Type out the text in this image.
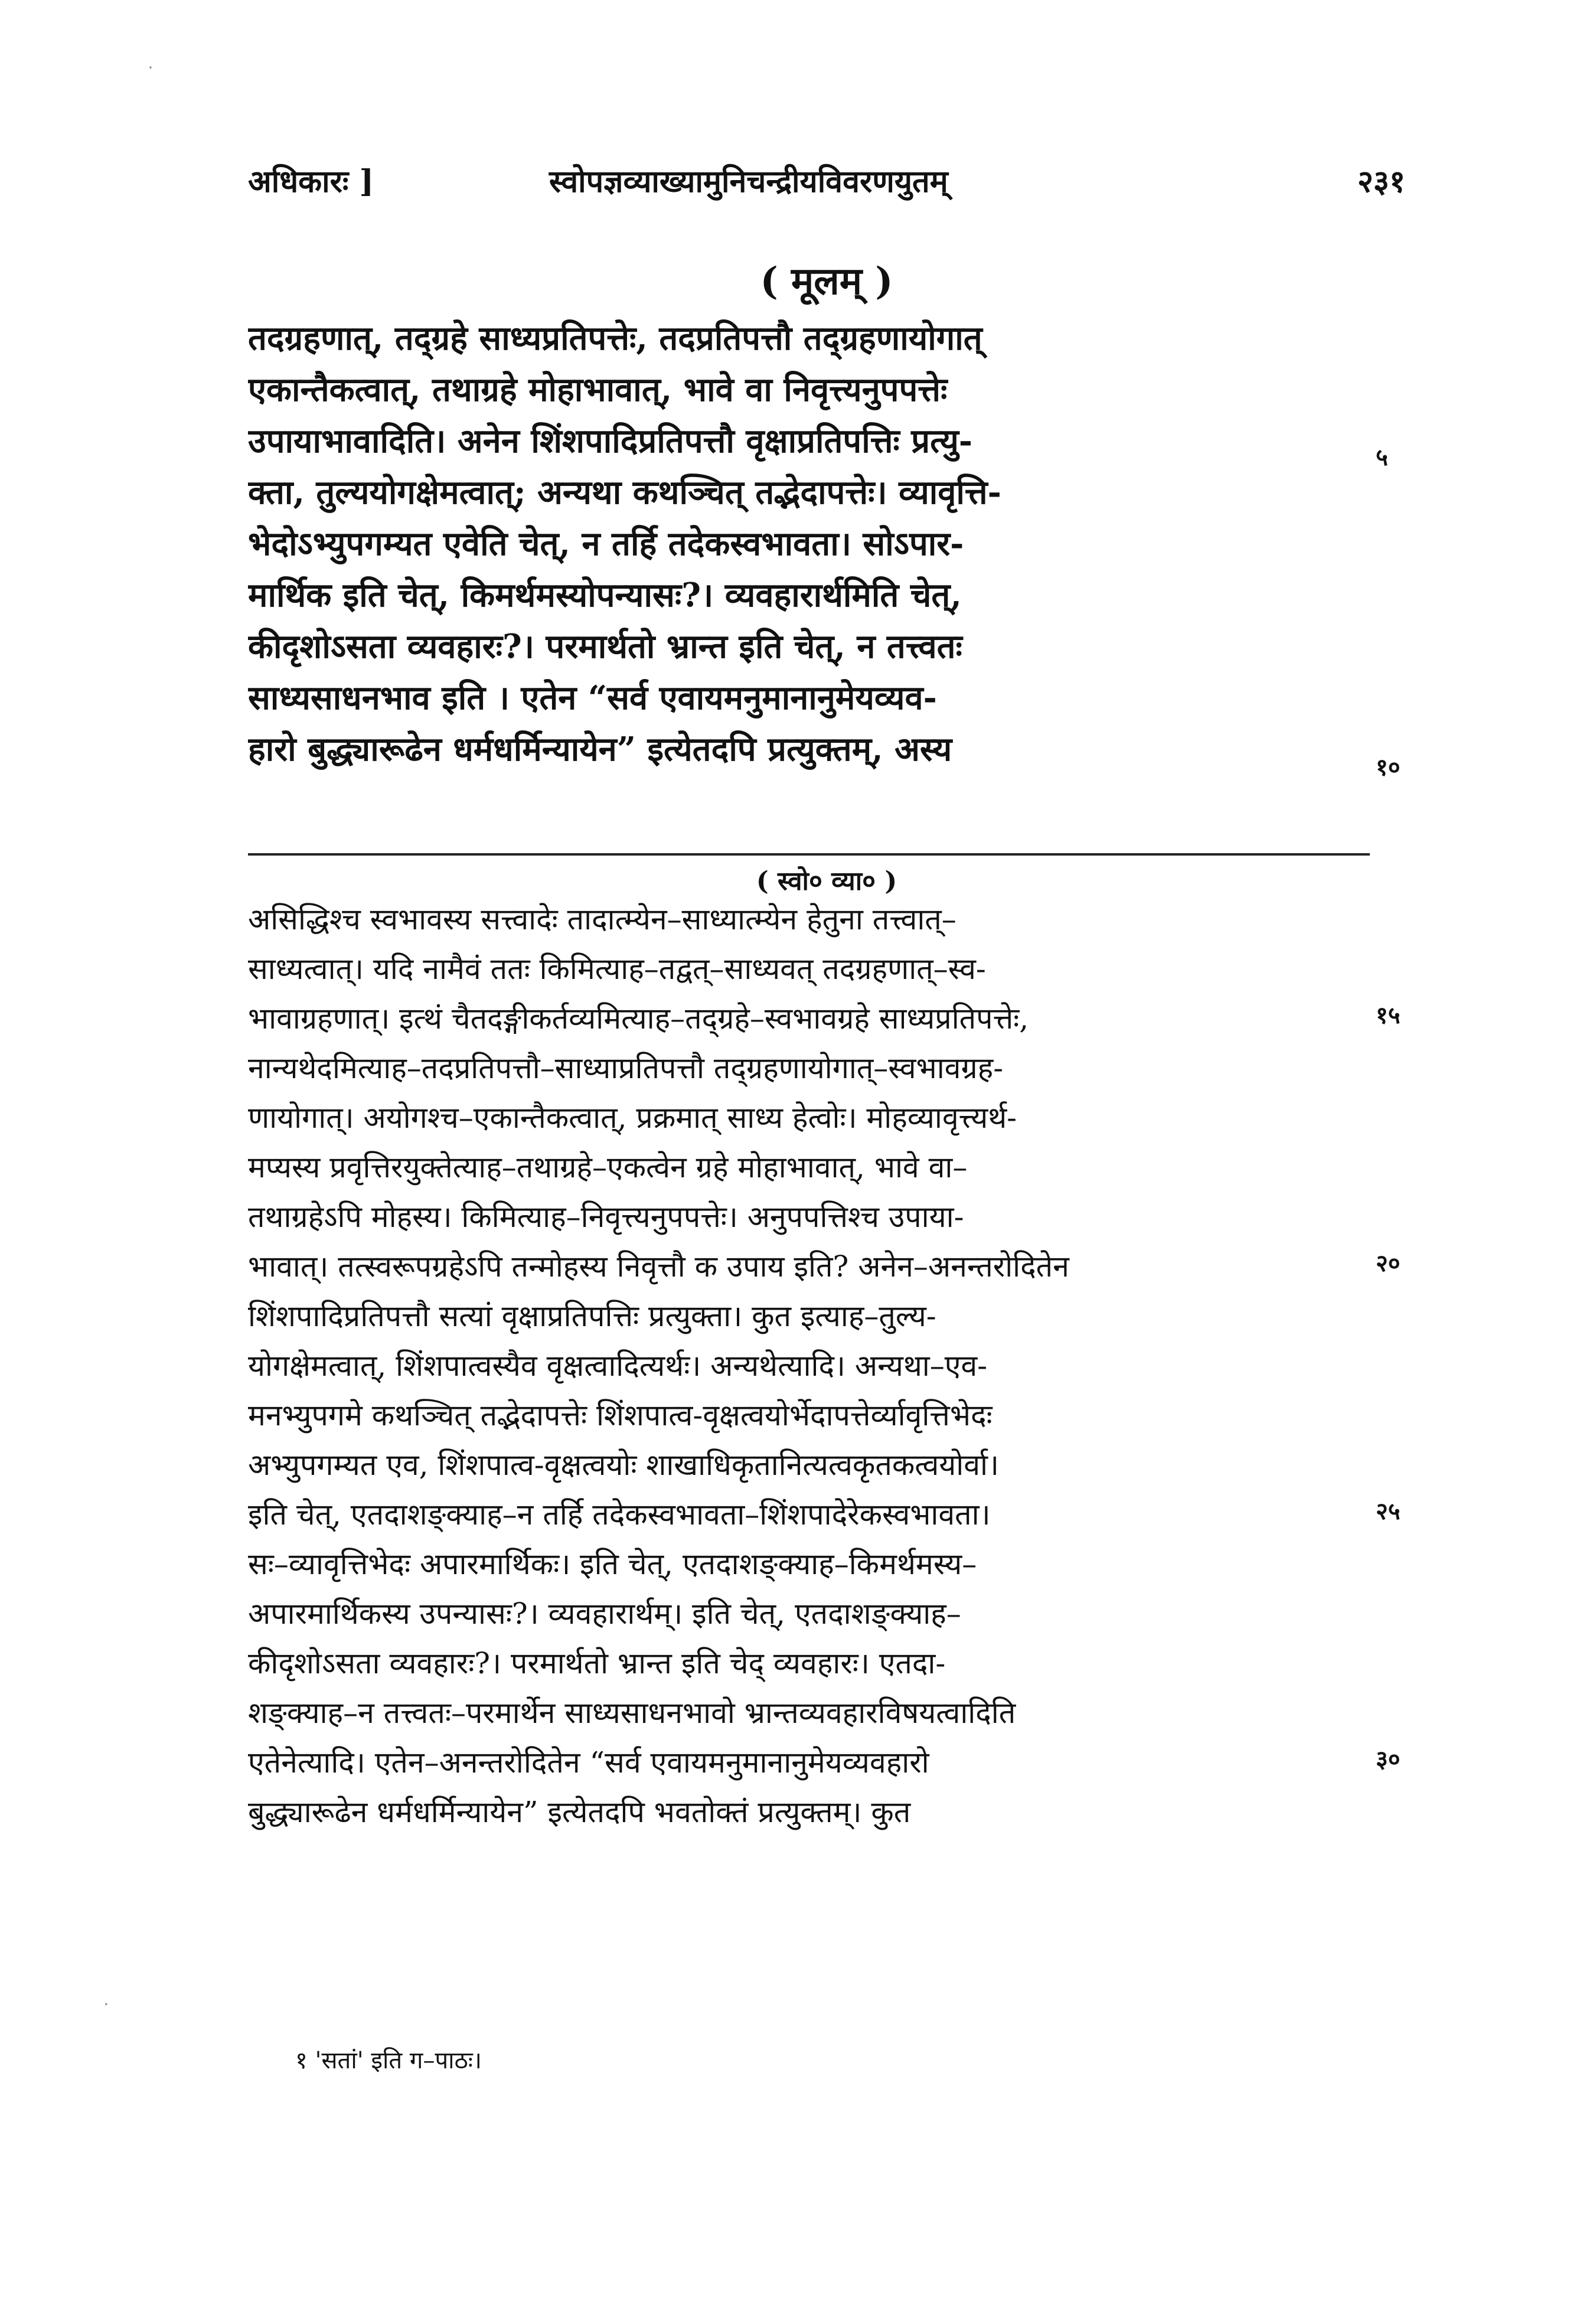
अधिकारः ]	स्वोपज्ञव्याख्यामुनिचन्द्रीयविवरणयुतम्	२३१
( मूलम् )
तदग्रहणात्, तद्ग्रहे साध्यप्रतिपत्तेः, तदप्रतिपत्तौ तद्ग्रहणायोगात्
एकान्तैकत्वात्, तथाग्रहे मोहाभावात्, भावे वा निवृत्त्यनुपपत्तेः
उपायाभावादिति। अनेन शिंशपादिप्रतिपत्तौ वृक्षाप्रतिपत्तिः प्रत्यु-
क्ता, तुल्ययोगक्षेमत्वात्; अन्यथा कथञ्चित् तद्भेदापत्तेः। व्यावृत्ति-
भेदोऽभ्युपगम्यत एवेति चेत्, न तर्हि तदेकस्वभावता। सोऽपार-
मार्थिक इति चेत्, किमर्थमस्योपन्यासः?। व्यवहारार्थमिति चेत्,
कीदृशोऽसता व्यवहारः?। परमार्थतो भ्रान्त इति चेत्, न तत्त्वतः
साध्यसाधनभाव इति । एतेन “सर्व एवायमनुमानानुमेयव्यव-
हारो बुद्ध्यारूढेन धर्मधर्मिन्यायेन” इत्येतदपि प्रत्युक्तम्, अस्य
५
१०
( स्वो० व्या० )
असिद्धिश्च स्वभावस्य सत्त्वादेः तादात्म्येन–साध्यात्म्येन हेतुना तत्त्वात्–
साध्यत्वात्। यदि नामैवं ततः किमित्याह–तद्वत्–साध्यवत् तदग्रहणात्–स्व-
भावाग्रहणात्। इत्थं चैतदङ्गीकर्तव्यमित्याह–तद्ग्रहे–स्वभावग्रहे साध्यप्रतिपत्तेः,
नान्यथेदमित्याह–तदप्रतिपत्तौ–साध्याप्रतिपत्तौ तद्ग्रहणायोगात्–स्वभावग्रह-
णायोगात्। अयोगश्च–एकान्तैकत्वात्, प्रक्रमात् साध्य हेत्वोः। मोहव्यावृत्त्यर्थ-
मप्यस्य प्रवृत्तिरयुक्तेत्याह–तथाग्रहे–एकत्वेन ग्रहे मोहाभावात्, भावे वा–
तथाग्रहेऽपि मोहस्य। किमित्याह–निवृत्त्यनुपपत्तेः। अनुपपत्तिश्च उपाया-
भावात्। तत्स्वरूपग्रहेऽपि तन्मोहस्य निवृत्तौ क उपाय इति? अनेन–अनन्तरोदितेन
शिंशपादिप्रतिपत्तौ सत्यां वृक्षाप्रतिपत्तिः प्रत्युक्ता। कुत इत्याह–तुल्य-
योगक्षेमत्वात्, शिंशपात्वस्यैव वृक्षत्वादित्यर्थः। अन्यथेत्यादि। अन्यथा–एव-
मनभ्युपगमे कथञ्चित् तद्भेदापत्तेः शिंशपात्व-वृक्षत्वयोर्भेदापत्तेर्व्यावृत्तिभेदः
अभ्युपगम्यत एव, शिंशपात्व-वृक्षत्वयोः शाखाधिकृतानित्यत्वकृतकत्वयोर्वा।
इति चेत्, एतदाशङ्क्याह–न तर्हि तदेकस्वभावता–शिंशपादेरेकस्वभावता।
सः–व्यावृत्तिभेदः अपारमार्थिकः। इति चेत्, एतदाशङ्क्याह–किमर्थमस्य–
अपारमार्थिकस्य उपन्यासः?। व्यवहारार्थम्। इति चेत्, एतदाशङ्क्याह–
कीदृशोऽसता व्यवहारः?। परमार्थतो भ्रान्त इति चेद् व्यवहारः। एतदा-
शङ्क्याह–न तत्त्वतः–परमार्थेन साध्यसाधनभावो भ्रान्तव्यवहारविषयत्वादिति
एतेनेत्यादि। एतेन–अनन्तरोदितेन “सर्व एवायमनुमानानुमेयव्यवहारो
बुद्ध्यारूढेन धर्मधर्मिन्यायेन” इत्येतदपि भवतोक्तं प्रत्युक्तम्। कुत
१५
२०
२५
३०
१ 'सतां' इति ग–पाठः।
ॱ
ॱ
